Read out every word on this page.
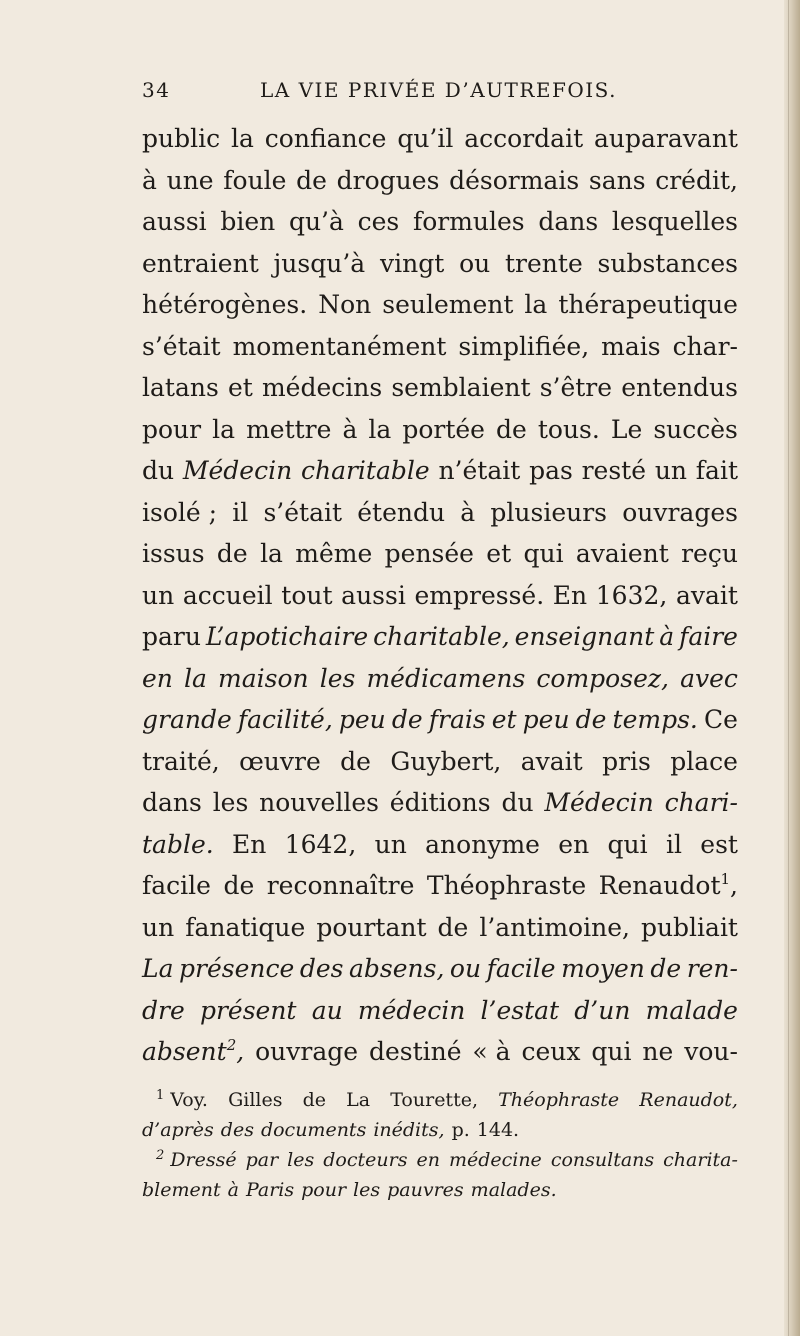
34	LA VIE PRIVÉE D’AUTREFOIS.
public la confiance qu’il accordait auparavant
à une foule de drogues désormais sans crédit,
aussi bien qu’à ces formules dans lesquelles
entraient jusqu’à vingt ou trente substances
hétérogènes. Non seulement la thérapeutique
s’était momentanément simplifiée, mais char-
latans et médecins semblaient s’être entendus
pour la mettre à la portée de tous. Le succès
du Médecin charitable n’était pas resté un fait
isolé ; il s’était étendu à plusieurs ouvrages
issus de la même pensée et qui avaient reçu
un accueil tout aussi empressé. En 1632, avait
paru L’apotichaire charitable, enseignant à faire
en la maison les médicamens composez, avec
grande facilité, peu de frais et peu de temps. Ce
traité, œuvre de Guybert, avait pris place
dans les nouvelles éditions du Médecin chari-
table. En 1642, un anonyme en qui il est
facile de reconnaître Théophraste Renaudot$^1$,
un fanatique pourtant de l’antimoine, publiait
La présence des absens, ou facile moyen de ren-
dre présent au médecin l’estat d’un malade
absent$^2$, ouvrage destiné « à ceux qui ne vou-
$^1$ Voy. Gilles de La Tourette, Théophraste Renaudot,
d’après des documents inédits, p. 144.
$^2$ Dressé par les docteurs en médecine consultans charita-
blement à Paris pour les pauvres malades.
